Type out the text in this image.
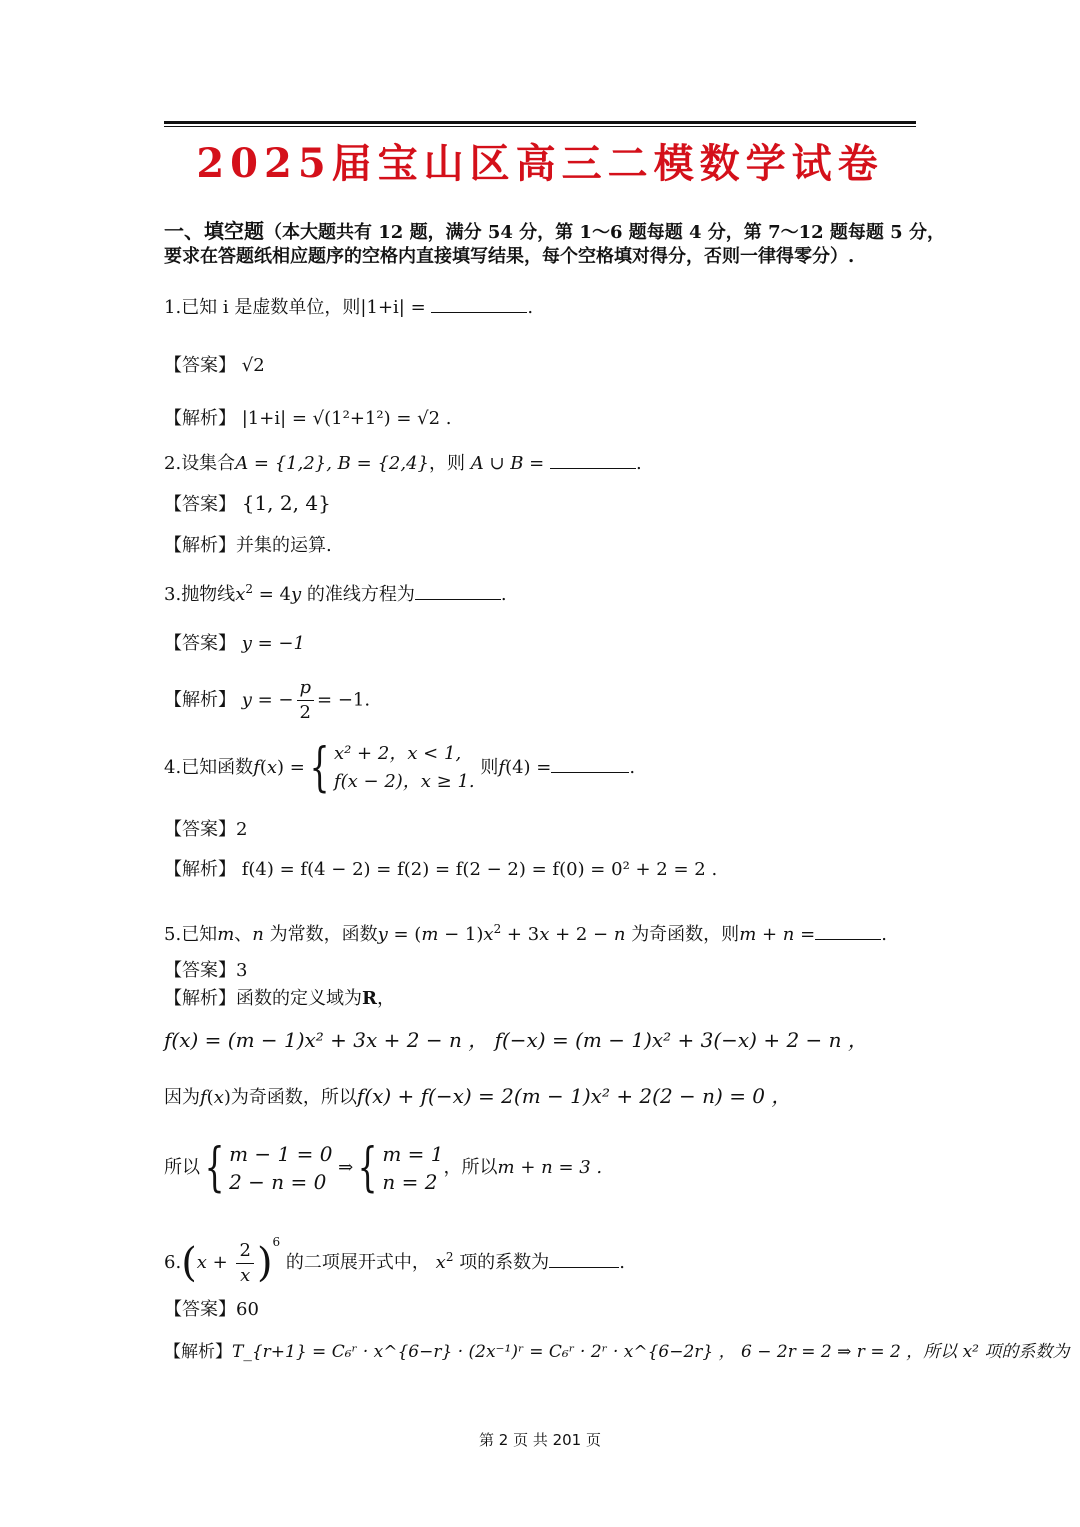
2025届宝山区高三二模数学试卷
一、填空题（本大题共有 12 题，满分 54 分，第 1～6 题每题 4 分，第 7～12 题每题 5 分，
要求在答题纸相应题序的空格内直接填写结果，每个空格填对得分，否则一律得零分）.
1.已知 i 是虚数单位，则|1+i| =	.
【答案】 √2
【解析】 |1+i| = √(1²+1²) = √2 .
2.设集合A = {1,2}, B = {2,4}，则 A ∪ B =	.
【答案】 {1, 2, 4}
【解析】并集的运算.
3.抛物线$x^2 = 4y$ 的准线方程为	.
【答案】 y = −1
【解析】 y = − $\frac{p}{2} = -1$.
4.已知函数f(x) ={ x² + 2，x < 1,
f(x − 2)，x ≥ 1.
则f(4) =	.
【答案】2
【解析】 f(4) = f(4 − 2) = f(2) = f(2 − 2) = f(0) = 0² + 2 = 2 .
5.已知m、n 为常数，函数$y = (m - 1)x^2 + 3x + 2 - n$ 为奇函数，则m + n =	.
【答案】3
【解析】函数的定义域为R，
f(x) = (m − 1)x² + 3x + 2 − n ， f(−x) = (m − 1)x² + 3(−x) + 2 − n ，
因为f(x)为奇函数，所以f(x) + f(−x) = 2(m − 1)x² + 2(2 − n) = 0 ，
所以{ m − 1 = 0
2 − n = 0
⇒{ m = 1
n = 2
，所以m + n = 3 .
$6.(x + \frac{2}{x} )^6$ 的二项展开式中， $x^2$ 项的系数为	.
【答案】60
【解析】T_{r+1} = C₆ʳ · x^{6−r} · (2x⁻¹)ʳ = C₆ʳ · 2ʳ · x^{6−2r} ， 6 − 2r = 2 ⇒ r = 2 ，所以 x² 项的系数为
第 2 页 共 201 页
